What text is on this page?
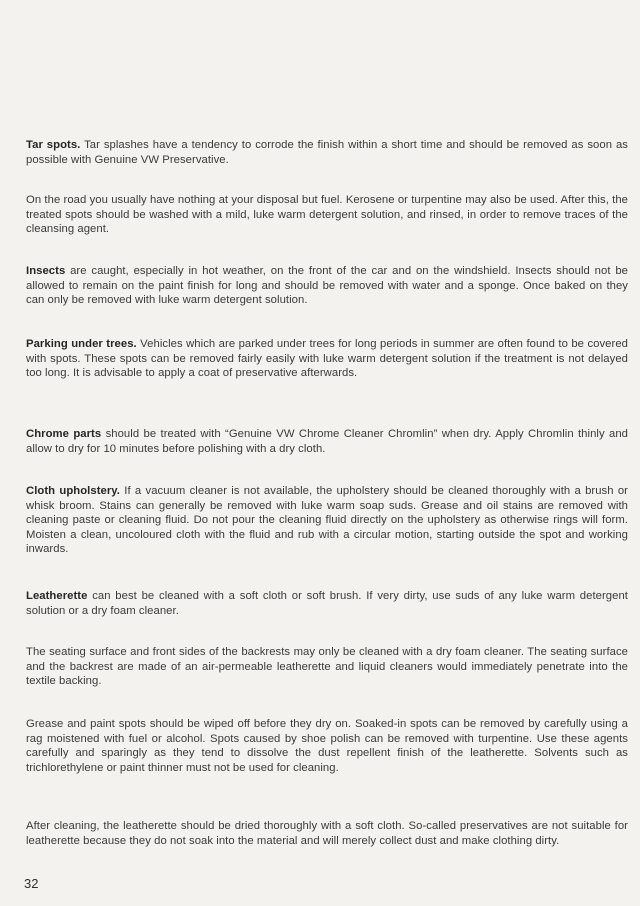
Tar spots. Tar splashes have a tendency to corrode the finish within a short time and should be removed as soon as possible with Genuine VW Preservative.

On the road you usually have nothing at your disposal but fuel. Kerosene or turpentine may also be used. After this, the treated spots should be washed with a mild, luke warm detergent solution, and rinsed, in order to remove traces of the cleansing agent.

Insects are caught, especially in hot weather, on the front of the car and on the windshield. Insects should not be allowed to remain on the paint finish for long and should be removed with water and a sponge. Once baked on they can only be removed with luke warm detergent solution.

Parking under trees. Vehicles which are parked under trees for long periods in summer are often found to be covered with spots. These spots can be removed fairly easily with luke warm detergent solution if the treatment is not delayed too long. It is advisable to apply a coat of preservative afterwards.

Chrome parts should be treated with “Genuine VW Chrome Cleaner Chromlin” when dry. Apply Chromlin thinly and allow to dry for 10 minutes before polishing with a dry cloth.

Cloth upholstery. If a vacuum cleaner is not available, the upholstery should be cleaned thoroughly with a brush or whisk broom. Stains can generally be removed with luke warm soap suds. Grease and oil stains are removed with cleaning paste or cleaning fluid. Do not pour the cleaning fluid directly on the upholstery as otherwise rings will form. Moisten a clean, uncoloured cloth with the fluid and rub with a circular motion, starting outside the spot and working inwards.

Leatherette can best be cleaned with a soft cloth or soft brush. If very dirty, use suds of any luke warm detergent solution or a dry foam cleaner.

The seating surface and front sides of the backrests may only be cleaned with a dry foam cleaner. The seating surface and the backrest are made of an air-permeable leatherette and liquid cleaners would immediately penetrate into the textile backing.

Grease and paint spots should be wiped off before they dry on. Soaked-in spots can be removed by carefully using a rag moistened with fuel or alcohol. Spots caused by shoe polish can be removed with turpentine. Use these agents carefully and sparingly as they tend to dissolve the dust repellent finish of the leatherette. Solvents such as trichlorethylene or paint thinner must not be used for cleaning.

After cleaning, the leatherette should be dried thoroughly with a soft cloth. So-called preservatives are not suitable for leatherette because they do not soak into the material and will merely collect dust and make clothing dirty.

32
